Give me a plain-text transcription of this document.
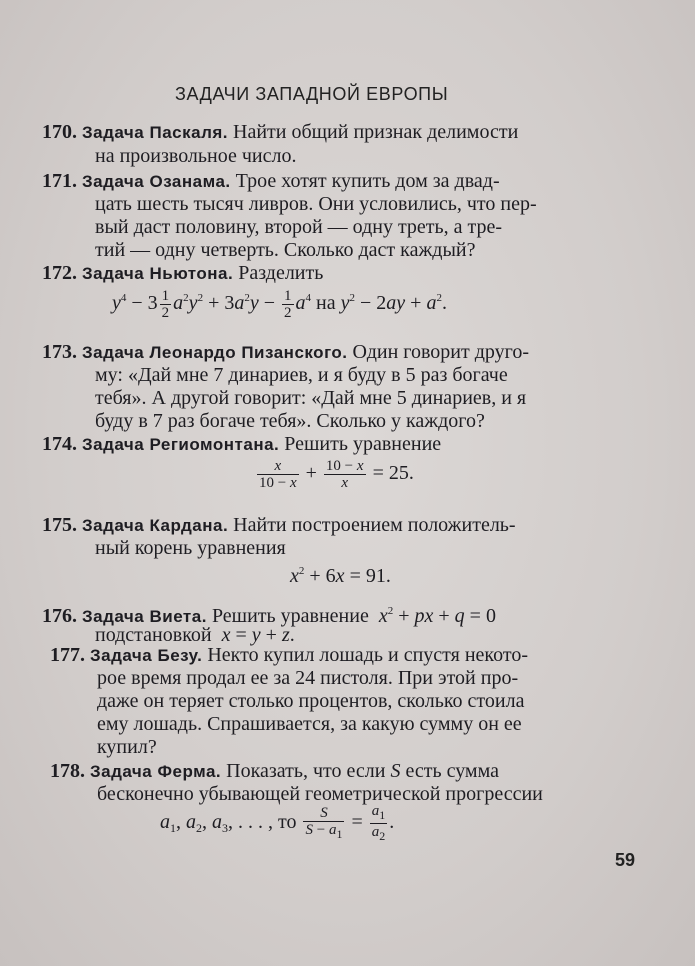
ЗАДАЧИ ЗАПАДНОЙ ЕВРОПЫ
170. Задача Паскаля. Найти общий признак делимости
на произвольное число.
171. Задача Озанама. Трое хотят купить дом за двад-
цать шесть тысяч ливров. Они условились, что пер-
вый даст половину, второй — одну треть, а тре-
тий — одну четверть. Сколько даст каждый?
172. Задача Ньютона. Разделить
$y^4 - 3 \frac{1}{2} a^2y^2 + 3a^2y - \frac{1}{2} a^4$ на $y^2 - 2ay + a^2$.
173. Задача Леонардо Пизанского. Один говорит друго-
му: «Дай мне 7 динариев, и я буду в 5 раз богаче
тебя». А другой говорит: «Дай мне 5 динариев, и я
буду в 7 раз богаче тебя». Сколько у каждого?
174. Задача Региомонтана. Решить уравнение
$\frac{x}{10 - x} + \frac{10 - x}{x} = 25$.
175. Задача Кардана. Найти построением положитель-
ный корень уравнения
$x^2 + 6x = 91$.
176. Задача Виета. Решить уравнение $x^2$ + px + q = 0
подстановкой x = y + z.
177. Задача Безу. Некто купил лошадь и спустя некото-
рое время продал ее за 24 пистоля. При этой про-
даже он теряет столько процентов, сколько стоила
ему лошадь. Спрашивается, за какую сумму он ее
купил?
178. Задача Ферма. Показать, что если S есть сумма
бесконечно убывающей геометрической прогрессии
$a_1$, $a_2$, $a_3$, . . . , то $\frac{S}{S - a_1} = \frac{a_1}{a_2}$ .
59
